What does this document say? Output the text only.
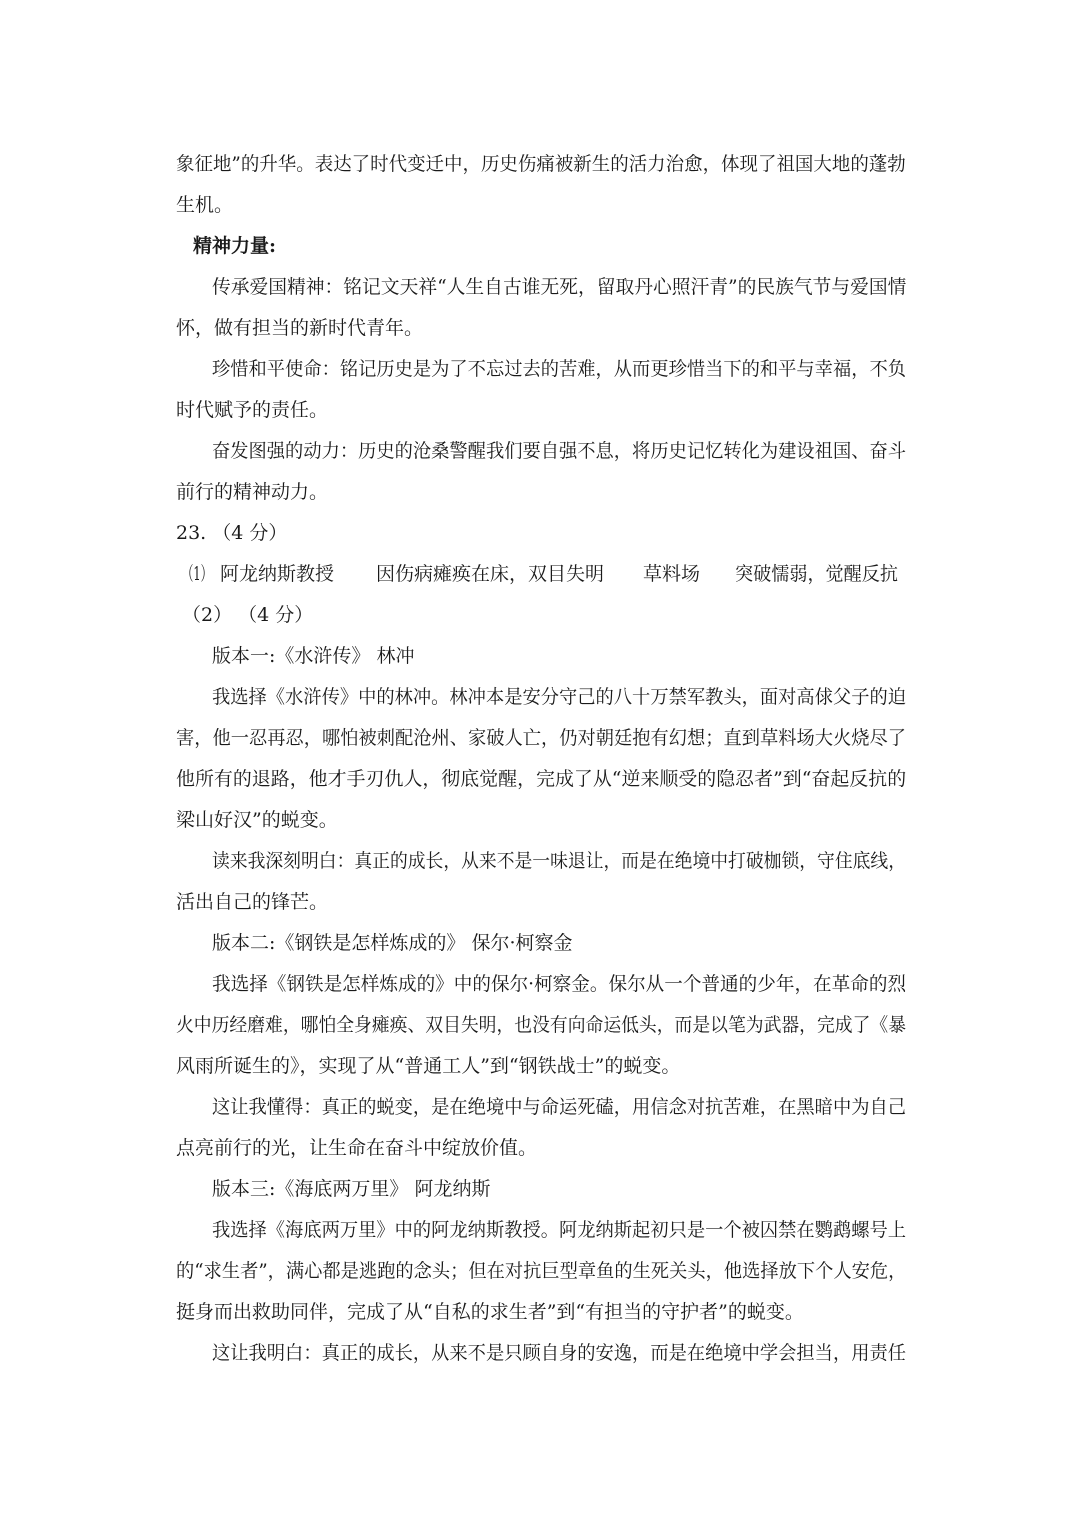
象征地”的升华。表达了时代变迁中，历史伤痛被新生的活力治愈，体现了祖国大地的蓬勃
生机。
精神力量:
传承爱国精神：铭记文天祥“人生自古谁无死，留取丹心照汗青”的民族气节与爱国情
怀，做有担当的新时代青年。
珍惜和平使命：铭记历史是为了不忘过去的苦难，从而更珍惜当下的和平与幸福，不负
时代赋予的责任。
奋发图强的动力：历史的沧桑警醒我们要自强不息，将历史记忆转化为建设祖国、奋斗
前行的精神动力。
23. （4 分）
（1） 阿龙纳斯教授 因伤病瘫痪在床，双目失明 草料场 突破懦弱，觉醒反抗
（2） （4 分）
版本一:《水浒传》 林冲
我选择《水浒传》中的林冲。林冲本是安分守己的八十万禁军教头，面对高俅父子的迫
害，他一忍再忍，哪怕被刺配沧州、家破人亡，仍对朝廷抱有幻想；直到草料场大火烧尽了
他所有的退路，他才手刃仇人，彻底觉醒，完成了从“逆来顺受的隐忍者”到“奋起反抗的
梁山好汉”的蜕变。
读来我深刻明白：真正的成长，从来不是一味退让，而是在绝境中打破枷锁，守住底线，
活出自己的锋芒。
版本二:《钢铁是怎样炼成的》 保尔·柯察金
我选择《钢铁是怎样炼成的》中的保尔·柯察金。保尔从一个普通的少年，在革命的烈
火中历经磨难，哪怕全身瘫痪、双目失明，也没有向命运低头，而是以笔为武器，完成了《暴
风雨所诞生的》，实现了从“普通工人”到“钢铁战士”的蜕变。
这让我懂得：真正的蜕变，是在绝境中与命运死磕，用信念对抗苦难，在黑暗中为自己
点亮前行的光，让生命在奋斗中绽放价值。
版本三:《海底两万里》 阿龙纳斯
我选择《海底两万里》中的阿龙纳斯教授。阿龙纳斯起初只是一个被囚禁在鹦鹉螺号上
的“求生者”，满心都是逃跑的念头；但在对抗巨型章鱼的生死关头，他选择放下个人安危，
挺身而出救助同伴，完成了从“自私的求生者”到“有担当的守护者”的蜕变。
这让我明白：真正的成长，从来不是只顾自身的安逸，而是在绝境中学会担当，用责任
